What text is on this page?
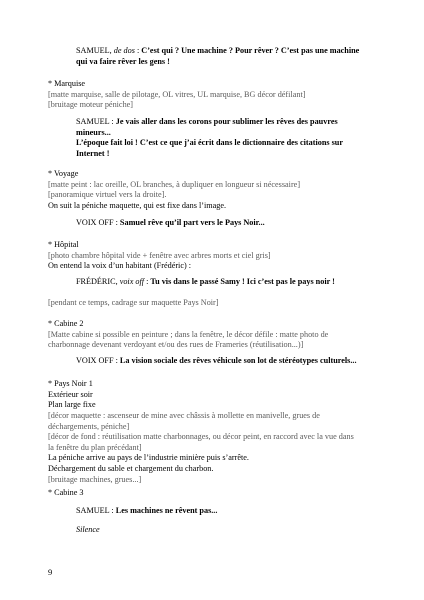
SAMUEL, de dos : C’est qui ? Une machine ? Pour rêver ? C’est pas une machine
qui va faire rêver les gens !
* Marquise
[matte marquise, salle de pilotage, OL vitres, UL marquise, BG décor défilant]
[bruitage moteur péniche]
SAMUEL : Je vais aller dans les corons pour sublimer les rêves des pauvres
mineurs...
L’époque fait loi ! C’est ce que j’ai écrit dans le dictionnaire des citations sur
Internet !
* Voyage
[matte peint : lac oreille, OL branches, à dupliquer en longueur si nécessaire]
[panoramique virtuel vers la droite].
On suit la péniche maquette, qui est fixe dans l’image.
VOIX OFF : Samuel rêve qu’il part vers le Pays Noir...
* Hôpital
[photo chambre hôpital vide + fenêtre avec arbres morts et ciel gris]
On entend la voix d’un habitant (Frédéric) :
FRÉDÉRIC, voix off : Tu vis dans le passé Samy ! Ici c’est pas le pays noir !
[pendant ce temps, cadrage sur maquette Pays Noir]
* Cabine 2
[Matte cabine si possible en peinture ; dans la fenêtre, le décor défile : matte photo de
charbonnage devenant verdoyant et/ou des rues de Frameries (réutilisation...)]
VOIX OFF : La vision sociale des rêves véhicule son lot de stéréotypes culturels...
* Pays Noir 1
Extérieur soir
Plan large fixe
[décor maquette : ascenseur de mine avec châssis à mollette en manivelle, grues de
déchargements, péniche]
[décor de fond : réutilisation matte charbonnages, ou décor peint, en raccord avec la vue dans
la fenêtre du plan précédant]
La péniche arrive au pays de l’industrie minière puis s’arrête.
Déchargement du sable et chargement du charbon.
[bruitage machines, grues...]
* Cabine 3
SAMUEL : Les machines ne rêvent pas...
Silence
9
